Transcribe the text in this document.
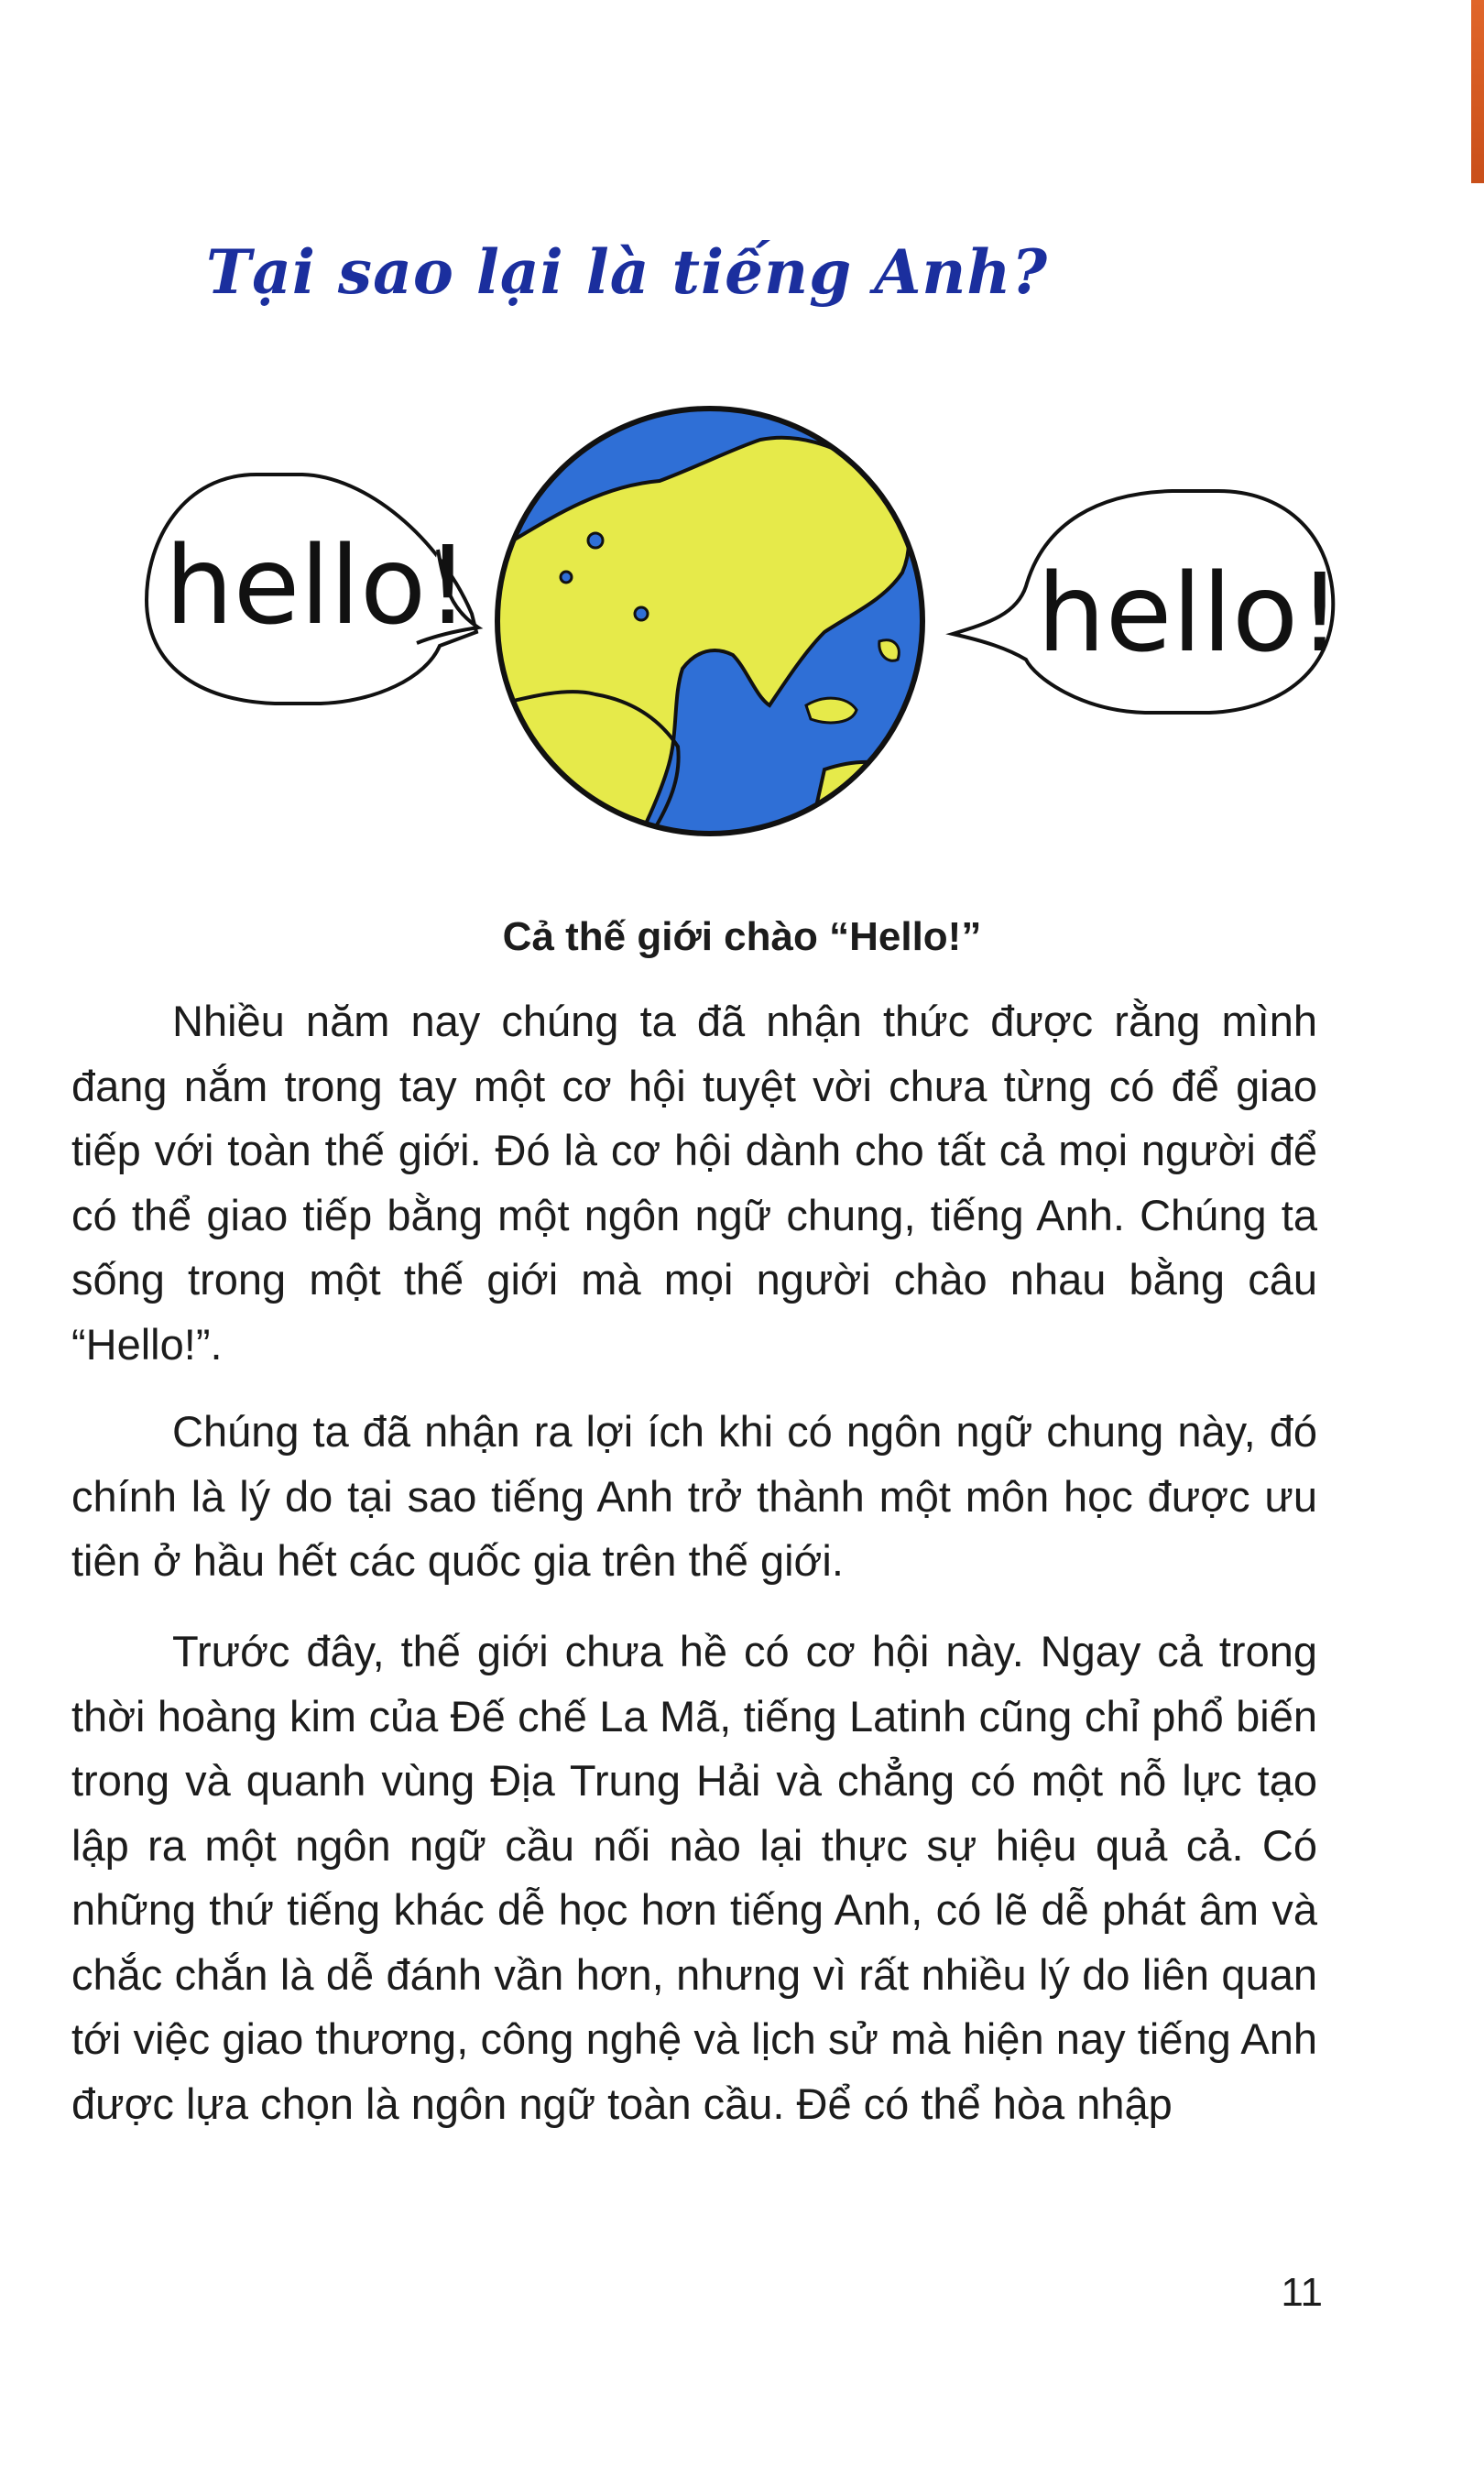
Tại sao lại là tiếng Anh?
hello!	hello!
Cả thế giới chào “Hello!”

Nhiều năm nay chúng ta đã nhận thức được rằng mình đang nắm trong tay một cơ hội tuyệt vời chưa từng có để giao tiếp với toàn thế giới. Đó là cơ hội dành cho tất cả mọi người để có thể giao tiếp bằng một ngôn ngữ chung, tiếng Anh. Chúng ta sống trong một thế giới mà mọi người chào nhau bằng câu “Hello!”.

Chúng ta đã nhận ra lợi ích khi có ngôn ngữ chung này, đó chính là lý do tại sao tiếng Anh trở thành một môn học được ưu tiên ở hầu hết các quốc gia trên thế giới.

Trước đây, thế giới chưa hề có cơ hội này. Ngay cả trong thời hoàng kim của Đế chế La Mã, tiếng Latinh cũng chỉ phổ biến trong và quanh vùng Địa Trung Hải và chẳng có một nỗ lực tạo lập ra một ngôn ngữ cầu nối nào lại thực sự hiệu quả cả. Có những thứ tiếng khác dễ học hơn tiếng Anh, có lẽ dễ phát âm và chắc chắn là dễ đánh vần hơn, nhưng vì rất nhiều lý do liên quan tới việc giao thương, công nghệ và lịch sử mà hiện nay tiếng Anh được lựa chọn là ngôn ngữ toàn cầu. Để có thể hòa nhập

11
